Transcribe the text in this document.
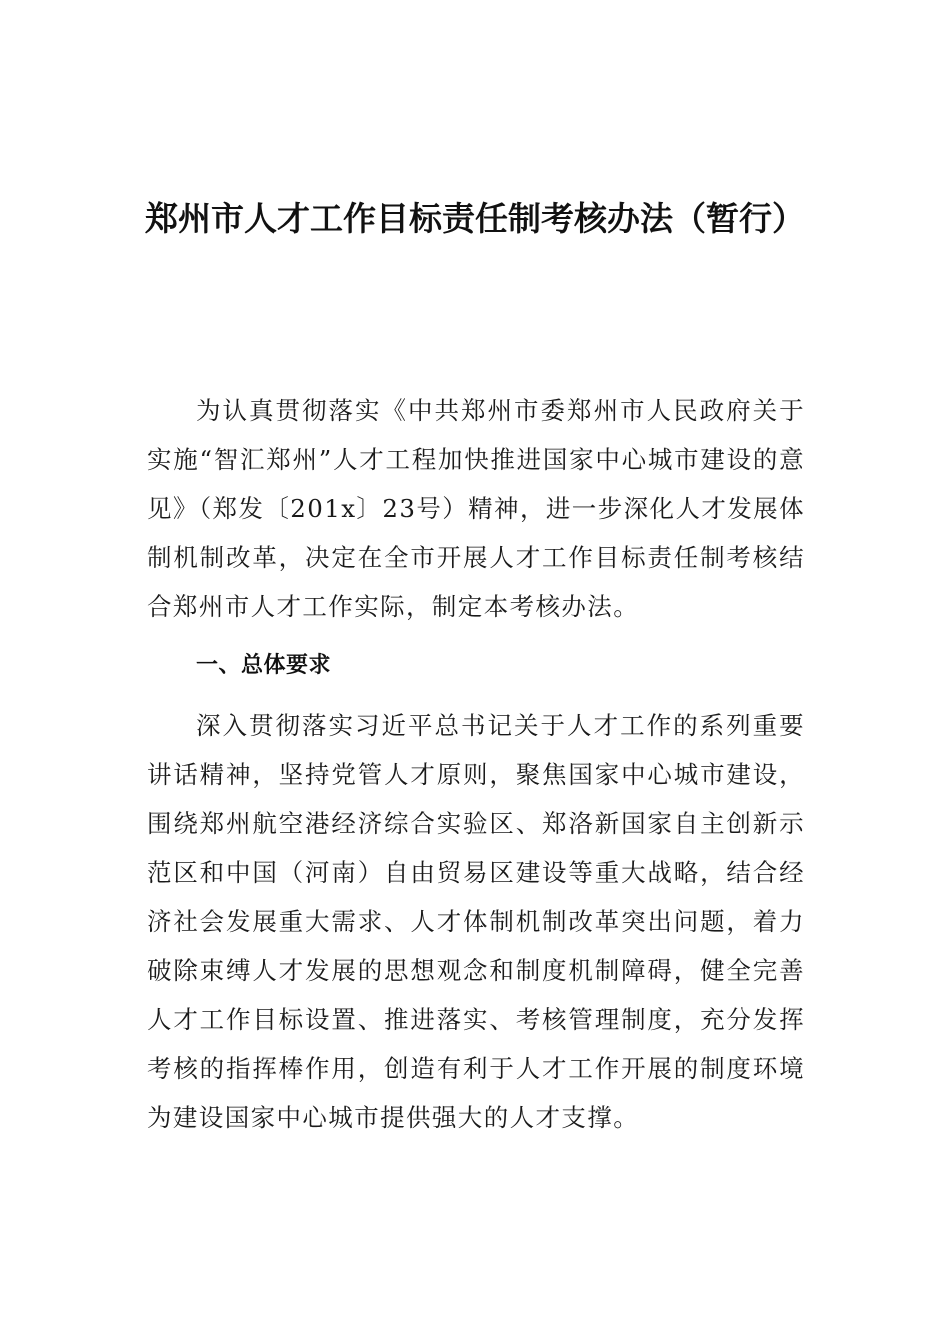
郑州市人才工作目标责任制考核办法（暂行）

为认真贯彻落实《中共郑州市委郑州市人民政府关于实施“智汇郑州”人才工程加快推进国家中心城市建设的意见》（郑发〔201x〕23号）精神，进一步深化人才发展体制机制改革，决定在全市开展人才工作目标责任制考核结合郑州市人才工作实际，制定本考核办法。

一、总体要求

深入贯彻落实习近平总书记关于人才工作的系列重要讲话精神，坚持党管人才原则，聚焦国家中心城市建设，围绕郑州航空港经济综合实验区、郑洛新国家自主创新示范区和中国（河南）自由贸易区建设等重大战略，结合经济社会发展重大需求、人才体制机制改革突出问题，着力破除束缚人才发展的思想观念和制度机制障碍，健全完善人才工作目标设置、推进落实、考核管理制度，充分发挥考核的指挥棒作用，创造有利于人才工作开展的制度环境为建设国家中心城市提供强大的人才支撑。
